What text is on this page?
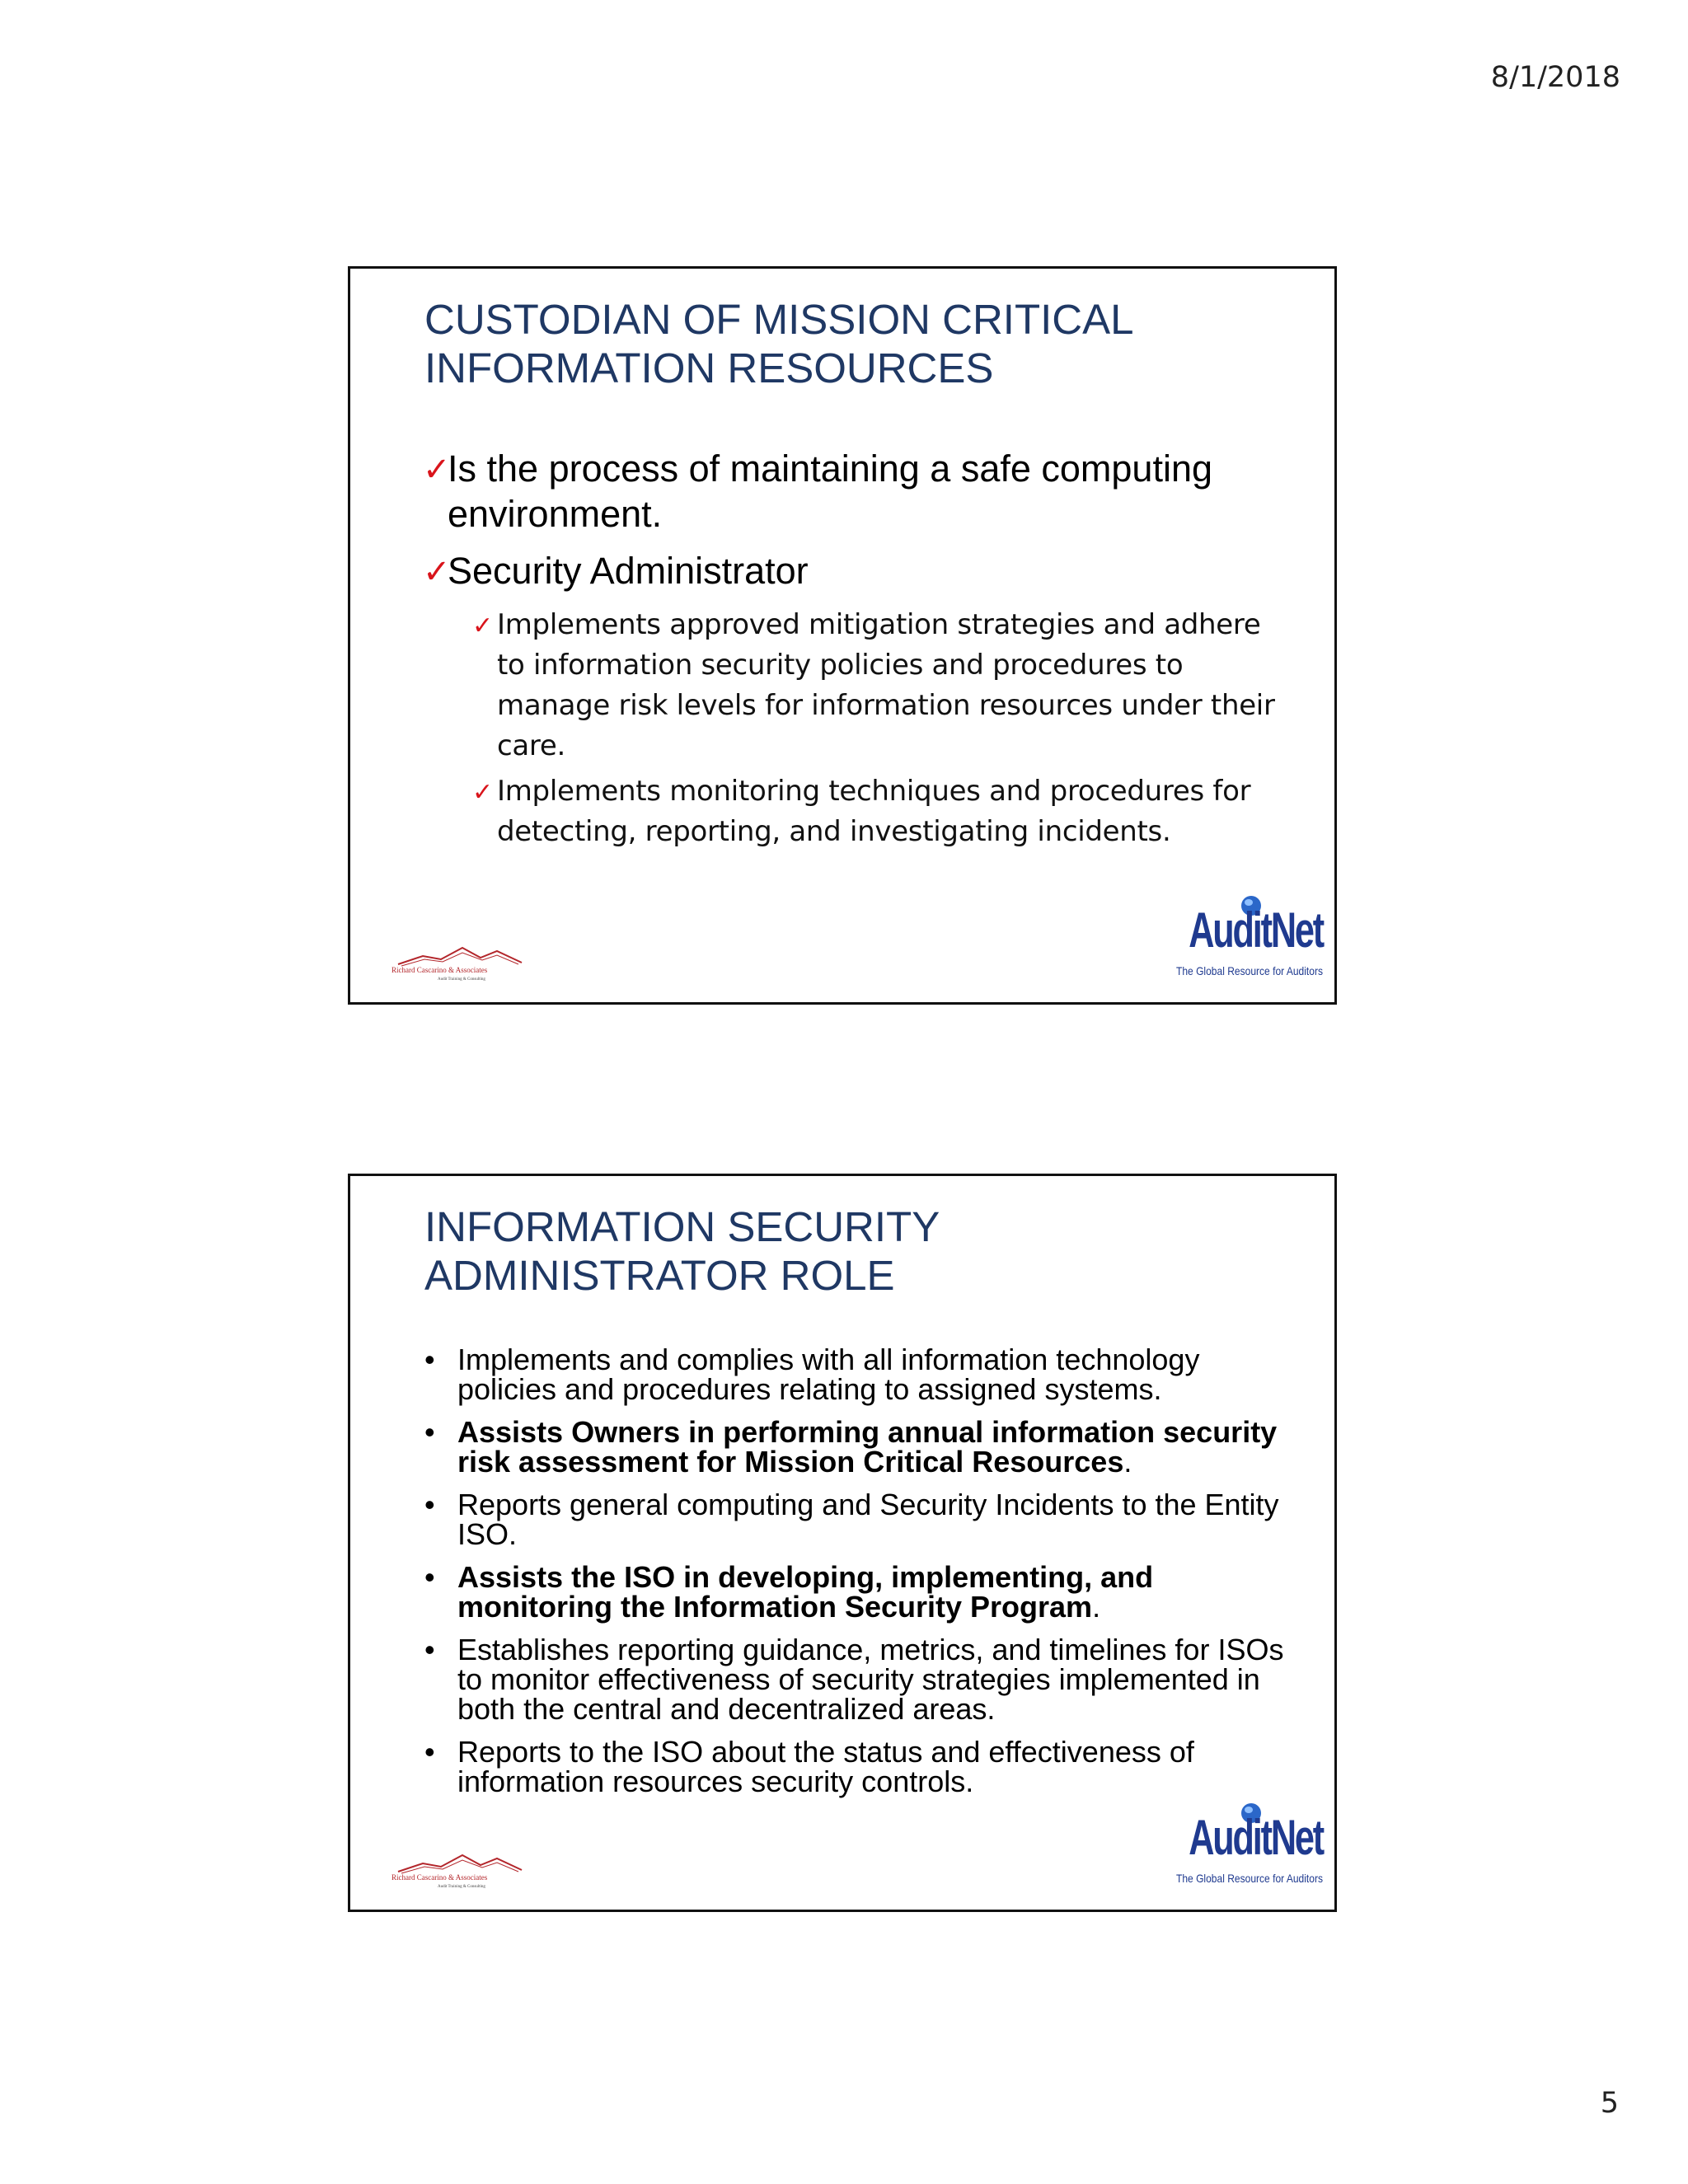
8/1/2018
CUSTODIAN OF MISSION CRITICAL
INFORMATION RESOURCES
✓
Is the process of maintaining a safe computing environment.
✓
Security Administrator
✓ Implements approved mitigation strategies and adhere to information security policies and procedures to manage risk levels for information resources under their care.
✓ Implements monitoring techniques and procedures for detecting, reporting, and investigating incidents.
Richard Cascarino & Associates
Audit Training & Consulting
AuditNet
The Global Resource for Auditors
INFORMATION SECURITY
ADMINISTRATOR ROLE
• Implements and complies with all information technology policies and procedures relating to assigned systems.
• Assists Owners in performing annual information security risk assessment for Mission Critical Resources.
• Reports general computing and Security Incidents to the Entity ISO.
• Assists the ISO in developing, implementing, and monitoring the Information Security Program.
• Establishes reporting guidance, metrics, and timelines for ISOs to monitor effectiveness of security strategies implemented in both the central and decentralized areas.
• Reports to the ISO about the status and effectiveness of information resources security controls.
Richard Cascarino & Associates
Audit Training & Consulting
AuditNet
The Global Resource for Auditors
5
